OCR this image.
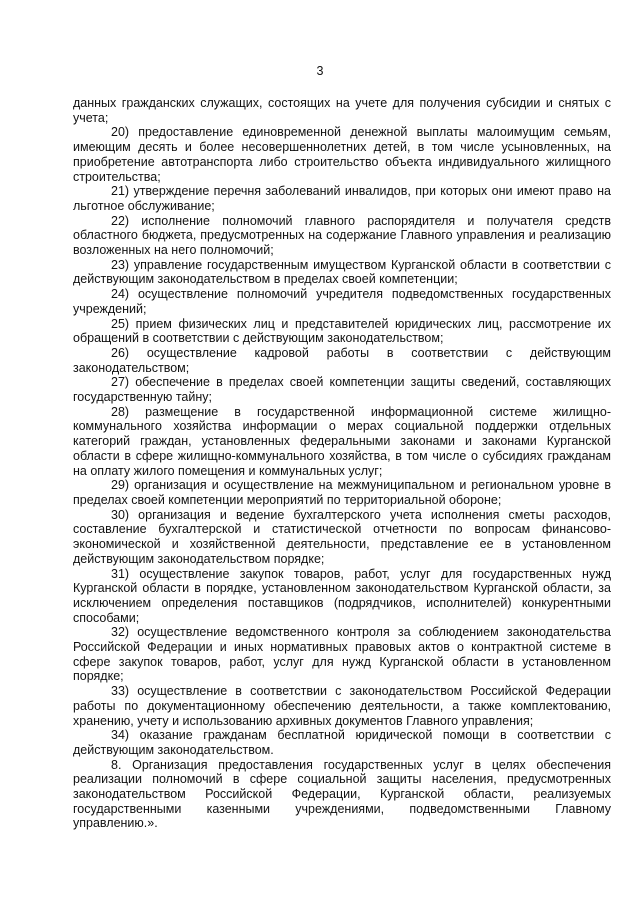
3

данных гражданских служащих, состоящих на учете для получения субсидии и снятых с учета;

20) предоставление единовременной денежной выплаты малоимущим семьям, имеющим десять и более несовершеннолетних детей, в том числе усыновленных, на приобретение автотранспорта либо строительство объекта индивидуального жилищного строительства;

21) утверждение перечня заболеваний инвалидов, при которых они имеют право на льготное обслуживание;

22) исполнение полномочий главного распорядителя и получателя средств областного бюджета, предусмотренных на содержание Главного управления и реализацию возложенных на него полномочий;

23) управление государственным имуществом Курганской области в соответствии с действующим законодательством в пределах своей компетенции;

24) осуществление полномочий учредителя подведомственных государственных учреждений;

25) прием физических лиц и представителей юридических лиц, рассмотрение их обращений в соответствии с действующим законодательством;

26) осуществление кадровой работы в соответствии с действующим законодательством;

27) обеспечение в пределах своей компетенции защиты сведений, составляющих государственную тайну;

28) размещение в государственной информационной системе жилищно-коммунального хозяйства информации о мерах социальной поддержки отдельных категорий граждан, установленных федеральными законами и законами Курганской области в сфере жилищно-коммунального хозяйства, в том числе о субсидиях гражданам на оплату жилого помещения и коммунальных услуг;

29) организация и осуществление на межмуниципальном и региональном уровне в пределах своей компетенции мероприятий по территориальной обороне;

30) организация и ведение бухгалтерского учета исполнения сметы расходов, составление бухгалтерской и статистической отчетности по вопросам финансово-экономической и хозяйственной деятельности, представление ее в установленном действующим законодательством порядке;

31) осуществление закупок товаров, работ, услуг для государственных нужд Курганской области в порядке, установленном законодательством Курганской области, за исключением определения поставщиков (подрядчиков, исполнителей) конкурентными способами;

32) осуществление ведомственного контроля за соблюдением законодательства Российской Федерации и иных нормативных правовых актов о контрактной системе в сфере закупок товаров, работ, услуг для нужд Курганской области в установленном порядке;

33) осуществление в соответствии с законодательством Российской Федерации работы по документационному обеспечению деятельности, а также комплектованию, хранению, учету и использованию архивных документов Главного управления;

34) оказание гражданам бесплатной юридической помощи в соответствии с действующим законодательством.

8. Организация предоставления государственных услуг в целях обеспечения реализации полномочий в сфере социальной защиты населения, предусмотренных законодательством Российской Федерации, Курганской области, реализуемых государственными казенными учреждениями, подведомственными Главному управлению.».
